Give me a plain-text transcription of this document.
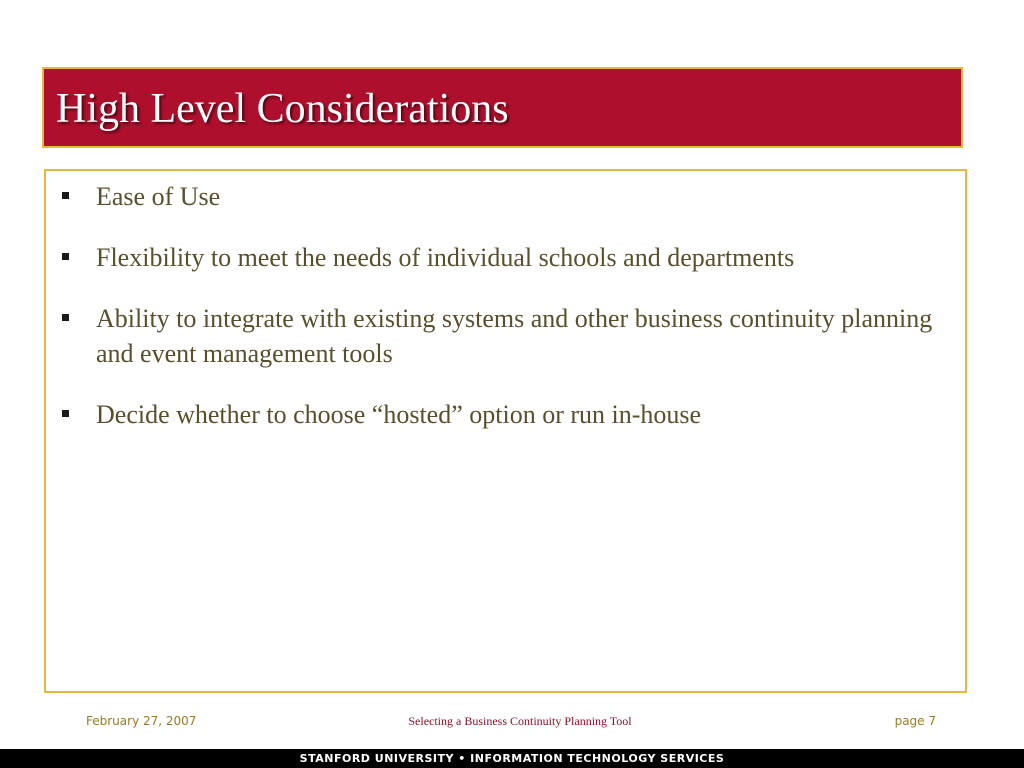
High Level Considerations
Ease of Use
Flexibility to meet the needs of individual schools and departments
Ability to integrate with existing systems and other business continuity planning and event management tools
Decide whether to choose “hosted” option or run in-house
February 27, 2007	Selecting a Business Continuity Planning Tool	page 7
STANFORD UNIVERSITY • INFORMATION TECHNOLOGY SERVICES
